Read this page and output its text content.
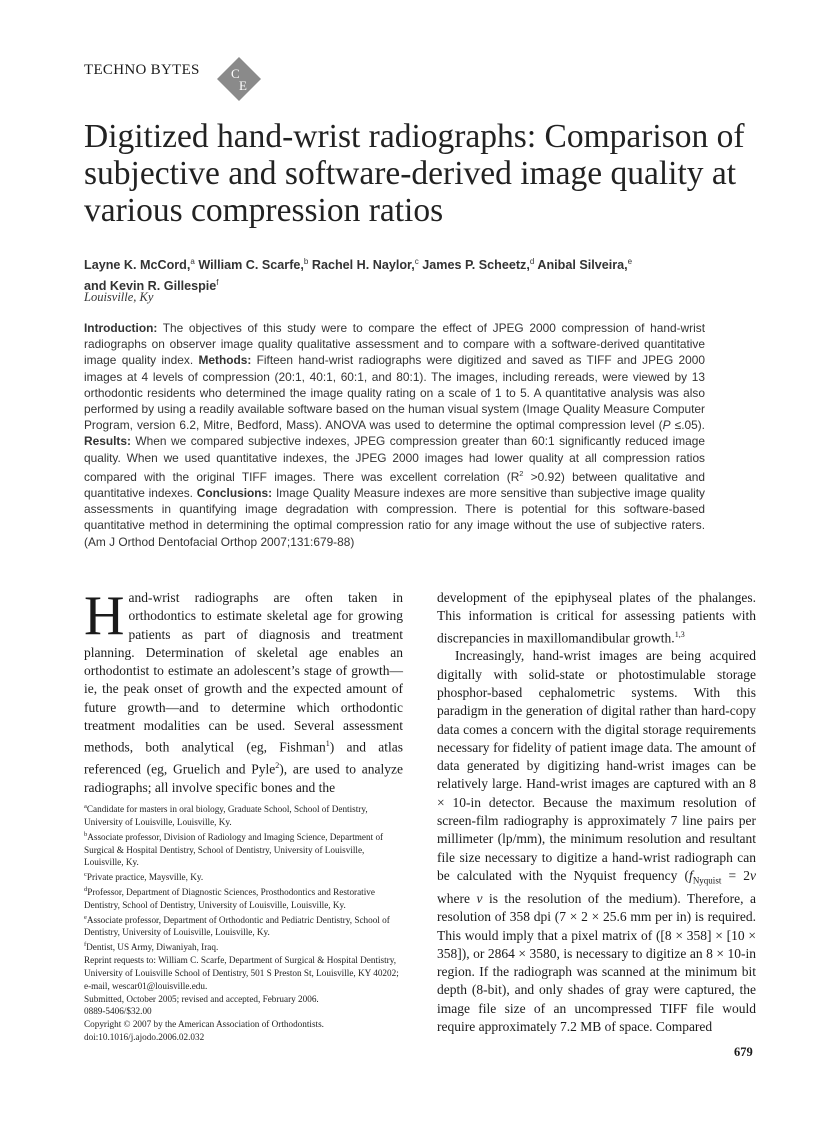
TECHNO BYTES C
E
Digitized hand-wrist radiographs: Comparison of subjective and software-derived image quality at various compression ratios
Layne K. McCord,$^a$ William C. Scarfe,$^b$ Rachel H. Naylor,$^c$ James P. Scheetz,$^d$ Anibal Silveira,$^e$
and Kevin R. Gillespie$^f$
Louisville, Ky

Introduction: The objectives of this study were to compare the effect of JPEG 2000 compression of hand-wrist radiographs on observer image quality qualitative assessment and to compare with a software-derived quantitative image quality index. Methods: Fifteen hand-wrist radiographs were digitized and saved as TIFF and JPEG 2000 images at 4 levels of compression (20:1, 40:1, 60:1, and 80:1). The images, including rereads, were viewed by 13 orthodontic residents who determined the image quality rating on a scale of 1 to 5. A quantitative analysis was also performed by using a readily available software based on the human visual system (Image Quality Measure Computer Program, version 6.2, Mitre, Bedford, Mass). ANOVA was used to determine the optimal compression level (P ≤.05). Results: When we compared subjective indexes, JPEG compression greater than 60:1 significantly reduced image quality. When we used quantitative indexes, the JPEG 2000 images had lower quality at all compression ratios compared with the original TIFF images. There was excellent correlation $(R^2 >0.92)$ between qualitative and quantitative indexes. Conclusions: Image Quality Measure indexes are more sensitive than subjective image quality assessments in quantifying image degradation with compression. There is potential for this software-based quantitative method in determining the optimal compression ratio for any image without the use of subjective raters. (Am J Orthod Dentofacial Orthop 2007;131:679-88)

Hand-wrist radiographs are often taken in orthodontics to estimate skeletal age for growing patients as part of diagnosis and treatment planning. Determination of skeletal age enables an orthodontist to estimate an adolescent’s stage of growth—ie, the peak onset of growth and the expected amount of future growth—and to determine which orthodontic treatment modalities can be used. Several assessment methods, both analytical (eg, Fishman$^1$) and atlas referenced (eg, Gruelich and Pyle$^2$), are used to analyze radiographs; all involve specific bones and the

$^a$Candidate for masters in oral biology, Graduate School, School of Dentistry, University of Louisville, Louisville, Ky.
$^b$Associate professor, Division of Radiology and Imaging Science, Department of Surgical & Hospital Dentistry, School of Dentistry, University of Louisville, Louisville, Ky.
$^c$Private practice, Maysville, Ky.
$^d$Professor, Department of Diagnostic Sciences, Prosthodontics and Restorative Dentistry, School of Dentistry, University of Louisville, Louisville, Ky.
$^e$Associate professor, Department of Orthodontic and Pediatric Dentistry, School of Dentistry, University of Louisville, Louisville, Ky.
$^f$Dentist, US Army, Diwaniyah, Iraq.
Reprint requests to: William C. Scarfe, Department of Surgical & Hospital Dentistry, University of Louisville School of Dentistry, 501 S Preston St, Louisville, KY 40202; e-mail, wescar01@louisville.edu.
Submitted, October 2005; revised and accepted, February 2006.
0889-5406/$32.00
Copyright © 2007 by the American Association of Orthodontists.
doi:10.1016/j.ajodo.2006.02.032

development of the epiphyseal plates of the phalanges. This information is critical for assessing patients with discrepancies in maxillomandibular growth.$^{1,3}$

Increasingly, hand-wrist images are being acquired digitally with solid-state or photostimulable storage phosphor-based cephalometric systems. With this paradigm in the generation of digital rather than hard-copy data comes a concern with the digital storage requirements necessary for fidelity of patient image data. The amount of data generated by digitizing hand-wrist images can be relatively large. Hand-wrist images are captured with an 8 × 10-in detector. Because the maximum resolution of screen-film radiography is approximately 7 line pairs per millimeter (lp/mm), the minimum resolution and resultant file size necessary to digitize a hand-wrist radiograph can be calculated with the Nyquist frequency ($f_{Nyquist} = 2v$ where v is the resolution of the medium). Therefore, a resolution of 358 dpi (7 × 2 × 25.6 mm per in) is required. This would imply that a pixel matrix of ([8 × 358] × [10 × 358]), or 2864 × 3580, is necessary to digitize an 8 × 10-in region. If the radiograph was scanned at the minimum bit depth (8-bit), and only shades of gray were captured, the image file size of an uncompressed TIFF file would require approximately 7.2 MB of space. Compared

679
